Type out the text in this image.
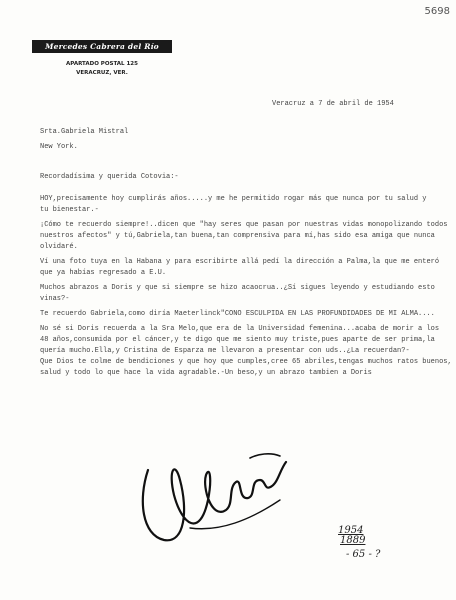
5698
Mercedes Cabrera del Río
APARTADO POSTAL 125
VERACRUZ, VER.
Veracruz a 7 de abril de 1954
Srta.Gabriela Mistral
New York.
Recordadísima y querida Cotovia:-
HOY,precisamente hoy cumplirás años.....y me he permitido rogar más que nunca por tu salud y
tu bienestar.-
¡Cómo te recuerdo siempre!..dicen que "hay seres que pasan por nuestras vidas monopolizando todos
nuestros afectos" y tú,Gabriela,tan buena,tan comprensiva para mí,has sido esa amiga que nunca
olvidaré.
Ví una foto tuya en la Habana y para escribirte allá pedí la dirección a Palma,la que me enteró
que ya habías regresado a E.U.
Muchos abrazos a Doris y que si siempre se hizo acaocrua..¿Sí sigues leyendo y estudiando esto
vinas?-
Te recuerdo Gabriela,como diría Maeterlinck"CONO ESCULPIDA EN LAS PROFUNDIDADES DE MI ALMA....
No sé si Doris recuerda a la Sra Melo,que era de la Universidad femenina...acaba de morir a los
48 años,consumida por el cáncer,y te digo que me siento muy triste,pues aparte de ser prima,la
quería mucho.Ella,y Cristina de Esparza me llevaron a presentar con uds..¿La recuerdan?-
Que Dios te colme de bendiciones y que hoy que cumples,cree 65 abriles,tengas muchos ratos buenos,
salud y todo lo que hace la vida agradable.-Un beso,y un abrazo tambien a Doris
1954
1889
- 65 - ?
